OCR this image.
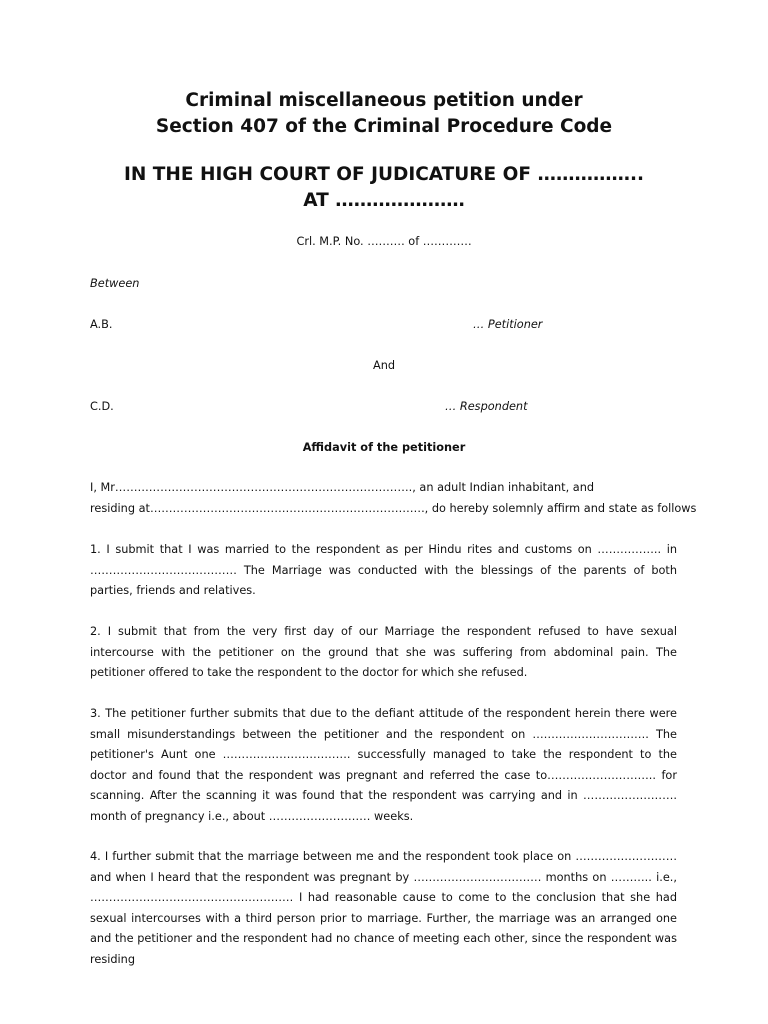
Criminal miscellaneous petition under
Section 407 of the Criminal Procedure Code
IN THE HIGH COURT OF JUDICATURE OF ……………..
AT …………………
Crl. M.P. No. ………. of ………….
Between
A.B.	… Petitioner
And
C.D.	… Respondent
Affidavit of the petitioner
I, Mr……………………………………………………………………., an adult Indian inhabitant, and
residing at………………………………………………………………., do hereby solemnly affirm and state as follows

1. I submit that I was married to the respondent as per Hindu rites and customs on …………….. in ………………………………… The Marriage was conducted with the blessings of the parents of both parties, friends and relatives.

2. I submit that from the very first day of our Marriage the respondent refused to have sexual intercourse with the petitioner on the ground that she was suffering from abdominal pain. The petitioner offered to take the respondent to the doctor for which she refused.

3. The petitioner further submits that due to the defiant attitude of the respondent herein there were small misunderstandings between the petitioner and the respondent on …………………………. The petitioner's Aunt one ……………………………. successfully managed to take the respondent to the doctor and found that the respondent was pregnant and referred the case to……………………….. for scanning. After the scanning it was found that the respondent was carrying and in ……………………. month of pregnancy i.e., about ……………………… weeks.

4. I further submit that the marriage between me and the respondent took place on ……………………… and when I heard that the respondent was pregnant by ……………………………. months on ……….. i.e., ……………………………………………… I had reasonable cause to come to the conclusion that she had sexual intercourses with a third person prior to marriage. Further, the marriage was an arranged one and the petitioner and the respondent had no chance of meeting each other, since the respondent was residing
